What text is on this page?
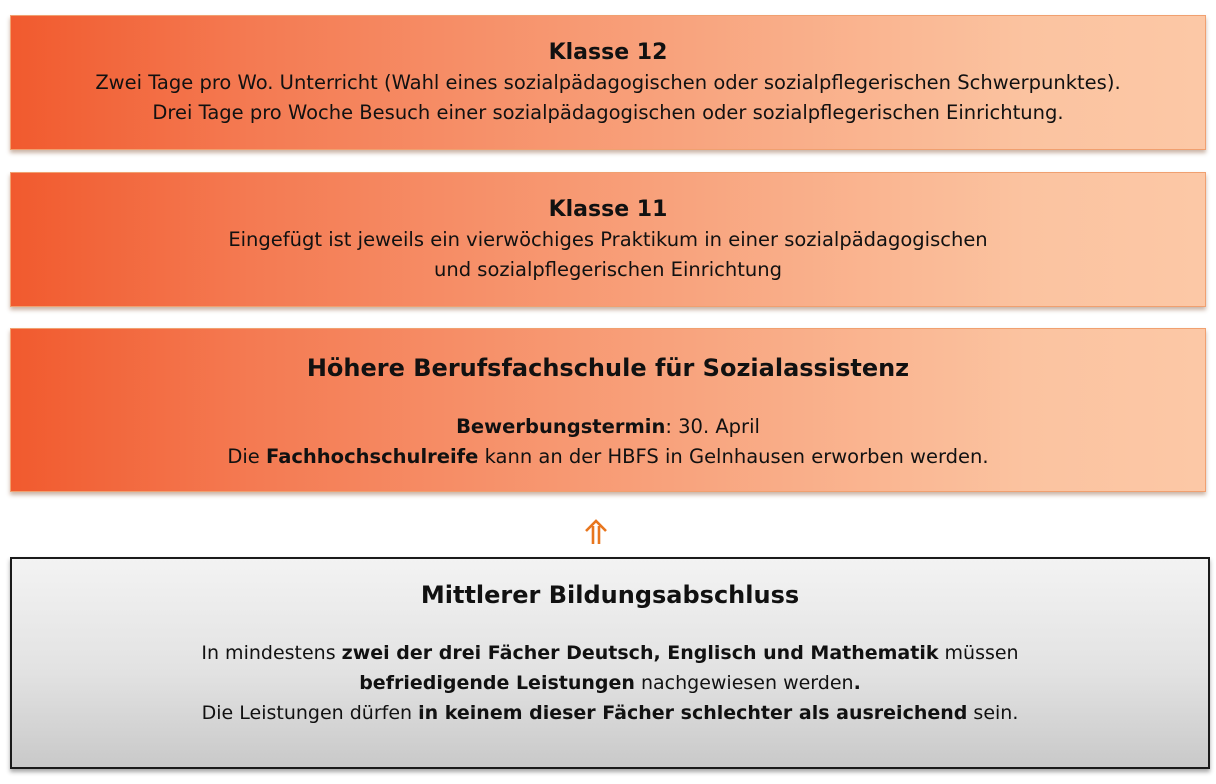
Klasse 12
Zwei Tage pro Wo. Unterricht (Wahl eines sozialpädagogischen oder sozialpflegerischen Schwerpunktes).
Drei Tage pro Woche Besuch einer sozialpädagogischen oder sozialpflegerischen Einrichtung.
Klasse 11
Eingefügt ist jeweils ein vierwöchiges Praktikum in einer sozialpädagogischen
und sozialpflegerischen Einrichtung
Höhere Berufsfachschule für Sozialassistenz
Bewerbungstermin: 30. April
Die Fachhochschulreife kann an der HBFS in Gelnhausen erworben werden.
Mittlerer Bildungsabschluss
In mindestens zwei der drei Fächer Deutsch, Englisch und Mathematik müssen
befriedigende Leistungen nachgewiesen werden.
Die Leistungen dürfen in keinem dieser Fächer schlechter als ausreichend sein.
